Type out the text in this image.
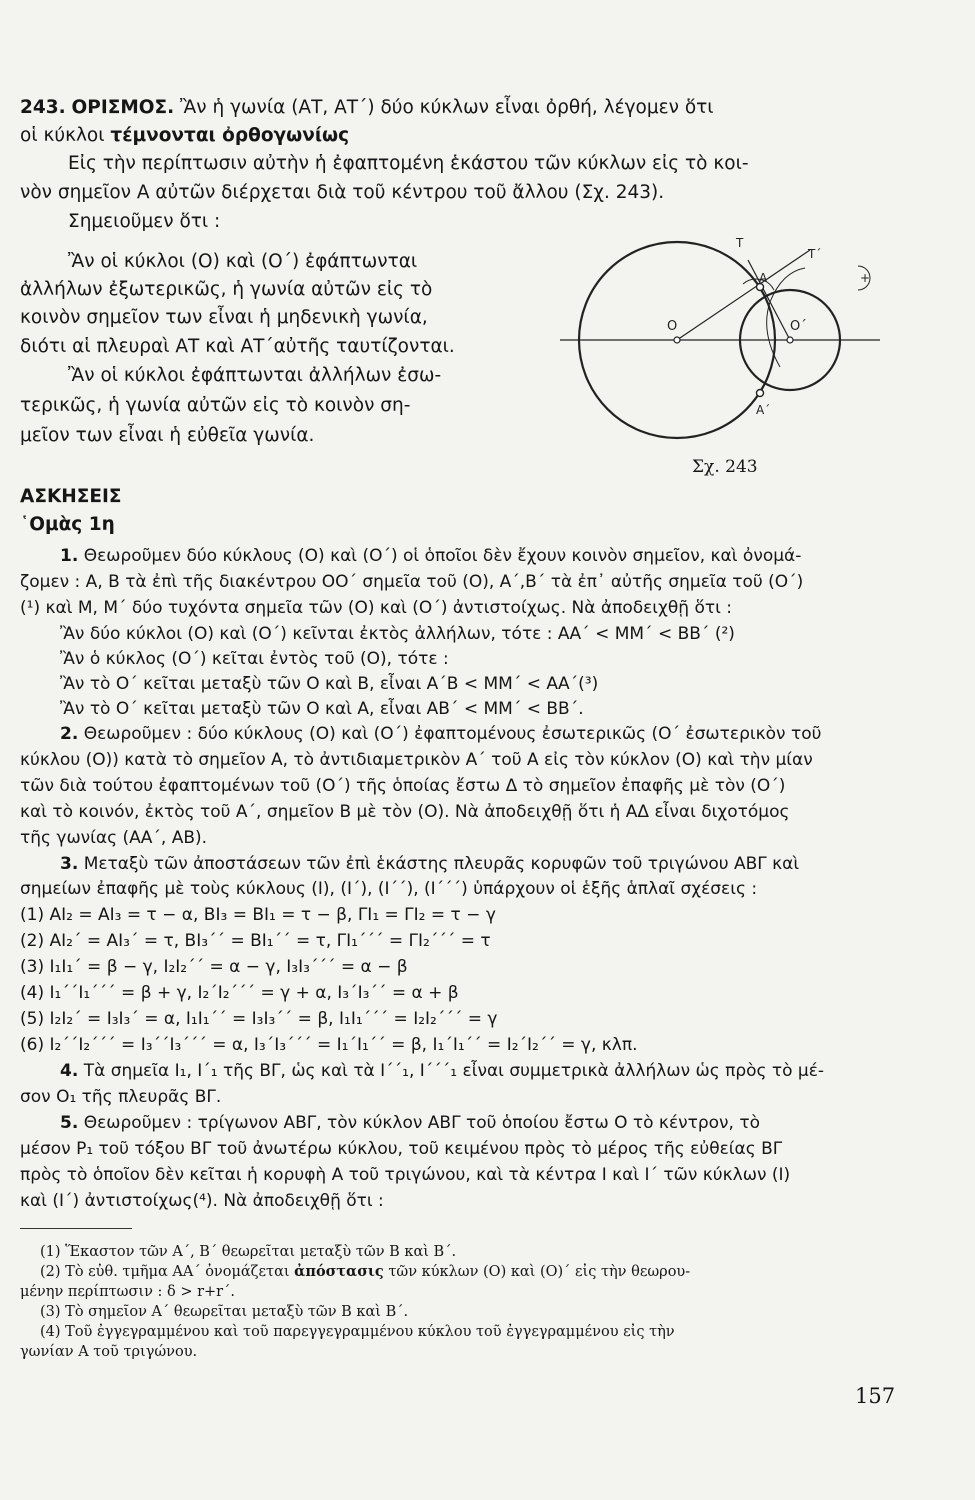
243. ΟΡΙΣΜΟΣ. Ἂν ἡ γωνία (ΑΤ, ΑΤ΄) δύο κύκλων εἶναι ὀρθή, λέγομεν ὅτι
οἱ κύκλοι τέμνονται ὀρθογωνίως
Εἰς τὴν περίπτωσιν αὐτὴν ἡ ἐφαπτομένη ἑκάστου τῶν κύκλων εἰς τὸ κοι-
νὸν σημεῖον Α αὐτῶν διέρχεται διὰ τοῦ κέντρου τοῦ ἄλλου (Σχ. 243).
Σημειοῦμεν ὅτι :
Ἂν οἱ κύκλοι (Ο) καὶ (Ο΄) ἐφάπτωνται
ἀλλήλων ἐξωτερικῶς, ἡ γωνία αὐτῶν εἰς τὸ
κοινὸν σημεῖον των εἶναι ἡ μηδενικὴ γωνία,
διότι αἱ πλευραὶ ΑΤ καὶ ΑΤ΄αὐτῆς ταυτίζονται.
Ἂν οἱ κύκλοι ἐφάπτωνται ἀλλήλων ἐσω-
τερικῶς, ἡ γωνία αὐτῶν εἰς τὸ κοινὸν ση-
μεῖον των εἶναι ἡ εὐθεῖα γωνία.
T
T΄
A
A΄
O	O΄
+
Σχ. 243
ΑΣΚΗΣΕΙΣ
῾Ομὰς 1η
1. Θεωροῦμεν δύο κύκλους (Ο) καὶ (Ο΄) οἱ ὁποῖοι δὲν ἔχουν κοινὸν σημεῖον, καὶ ὀνομά-
ζομεν : Α, Β τὰ ἐπὶ τῆς διακέντρου ΟΟ΄ σημεῖα τοῦ (Ο), Α΄,Β΄ τὰ ἐπ᾿ αὐτῆς σημεῖα τοῦ (Ο΄)
(¹) καὶ Μ, Μ΄ δύο τυχόντα σημεῖα τῶν (Ο) καὶ (Ο΄) ἀντιστοίχως. Νὰ ἀποδειχθῇ ὅτι :
Ἂν δύο κύκλοι (Ο) καὶ (Ο΄) κεῖνται ἐκτὸς ἀλλήλων, τότε : ΑΑ΄ < ΜΜ΄ < ΒΒ΄ (²)
Ἂν ὁ κύκλος (Ο΄) κεῖται ἐντὸς τοῦ (Ο), τότε :
Ἂν τὸ Ο΄ κεῖται μεταξὺ τῶν Ο καὶ Β, εἶναι Α΄Β < ΜΜ΄ < ΑΑ΄(³)
Ἂν τὸ Ο΄ κεῖται μεταξὺ τῶν Ο καὶ Α, εἶναι ΑΒ΄ < ΜΜ΄ < ΒΒ΄.
2. Θεωροῦμεν : δύο κύκλους (Ο) καὶ (Ο΄) ἐφαπτομένους ἐσωτερικῶς (Ο΄ ἐσωτερικὸν τοῦ
κύκλου (Ο)) κατὰ τὸ σημεῖον Α, τὸ ἀντιδιαμετρικὸν Α΄ τοῦ Α εἰς τὸν κύκλον (Ο) καὶ τὴν μίαν
τῶν διὰ τούτου ἐφαπτομένων τοῦ (Ο΄) τῆς ὁποίας ἔστω Δ τὸ σημεῖον ἐπαφῆς μὲ τὸν (Ο΄)
καὶ τὸ κοινόν, ἐκτὸς τοῦ Α΄, σημεῖον Β μὲ τὸν (Ο). Νὰ ἀποδειχθῇ ὅτι ἡ ΑΔ εἶναι διχοτόμος
τῆς γωνίας (ΑΑ΄, ΑΒ).
3. Μεταξὺ τῶν ἀποστάσεων τῶν ἐπὶ ἑκάστης πλευρᾶς κορυφῶν τοῦ τριγώνου ΑΒΓ καὶ
σημείων ἐπαφῆς μὲ τοὺς κύκλους (Ι), (Ι΄), (Ι΄΄), (Ι΄΄΄) ὑπάρχουν οἱ ἑξῆς ἁπλαῖ σχέσεις :
(1) ΑΙ₂ = ΑΙ₃ = τ − α, ΒΙ₃ = ΒΙ₁ = τ − β, ΓΙ₁ = ΓΙ₂ = τ − γ
(2) ΑΙ₂΄ = ΑΙ₃΄ = τ, ΒΙ₃΄΄ = ΒΙ₁΄΄ = τ, ΓΙ₁΄΄΄ = ΓΙ₂΄΄΄ = τ
(3) Ι₁Ι₁΄ = β − γ, Ι₂Ι₂΄΄ = α − γ, Ι₃Ι₃΄΄΄ = α − β
(4) Ι₁΄΄Ι₁΄΄΄ = β + γ, Ι₂΄Ι₂΄΄΄ = γ + α, Ι₃΄Ι₃΄΄ = α + β
(5) Ι₂Ι₂΄ = Ι₃Ι₃΄ = α, Ι₁Ι₁΄΄ = Ι₃Ι₃΄΄ = β, Ι₁Ι₁΄΄΄ = Ι₂Ι₂΄΄΄ = γ
(6) Ι₂΄΄Ι₂΄΄΄ = Ι₃΄΄Ι₃΄΄΄ = α, Ι₃΄Ι₃΄΄΄ = Ι₁΄Ι₁΄΄ = β, Ι₁΄Ι₁΄΄ = Ι₂΄Ι₂΄΄ = γ, κλπ.
4. Τὰ σημεῖα Ι₁, Ι΄₁ τῆς ΒΓ, ὡς καὶ τὰ Ι΄΄₁, Ι΄΄΄₁ εἶναι συμμετρικὰ ἀλλήλων ὡς πρὸς τὸ μέ-
σον Ο₁ τῆς πλευρᾶς ΒΓ.
5. Θεωροῦμεν : τρίγωνον ΑΒΓ, τὸν κύκλον ΑΒΓ τοῦ ὁποίου ἔστω Ο τὸ κέντρον, τὸ
μέσον Ρ₁ τοῦ τόξου ΒΓ τοῦ ἀνωτέρω κύκλου, τοῦ κειμένου πρὸς τὸ μέρος τῆς εὐθείας ΒΓ
πρὸς τὸ ὁποῖον δὲν κεῖται ἡ κορυφὴ Α τοῦ τριγώνου, καὶ τὰ κέντρα Ι καὶ Ι΄ τῶν κύκλων (Ι)
καὶ (Ι΄) ἀντιστοίχως(⁴). Νὰ ἀποδειχθῇ ὅτι :
(1) Ἕκαστον τῶν Α΄, Β΄ θεωρεῖται μεταξὺ τῶν Β καὶ Β΄.
(2) Τὸ εὐθ. τμῆμα ΑΑ΄ ὀνομάζεται ἀπόστασις τῶν κύκλων (Ο) καὶ (Ο)΄ εἰς τὴν θεωρου-
μένην περίπτωσιν : δ > r+r΄.
(3) Τὸ σημεῖον Α΄ θεωρεῖται μεταξὺ τῶν Β καὶ Β΄.
(4) Τοῦ ἐγγεγραμμένου καὶ τοῦ παρεγγεγραμμένου κύκλου τοῦ ἐγγεγραμμένου εἰς τὴν
γωνίαν Α τοῦ τριγώνου.
157
